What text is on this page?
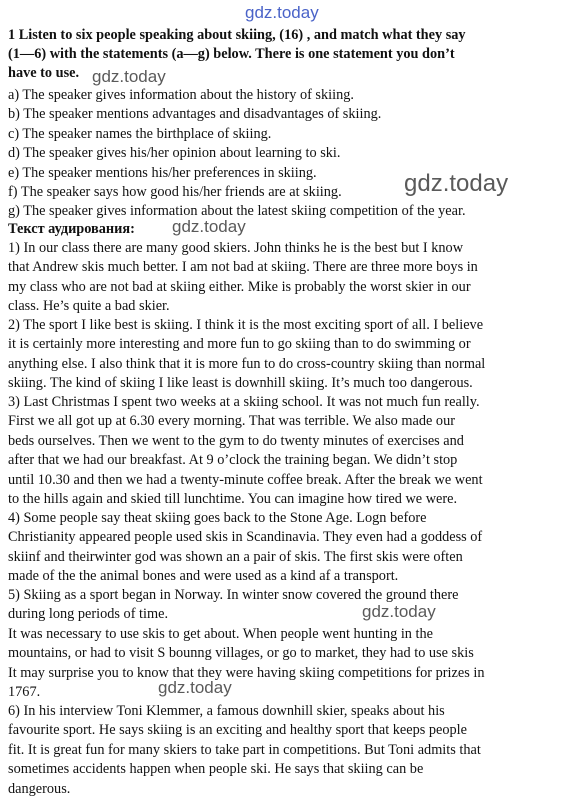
gdz.today
1 Listen to six people speaking about skiing, (16) , and match what they say
(1—6) with the statements (a—g) below. There is one statement you don’t
have to use. gdz.today
a) The speaker gives information about the history of skiing.
b) The speaker mentions advantages and disadvantages of skiing.
c) The speaker names the birthplace of skiing.
d) The speaker gives his/her opinion about learning to ski.
e) The speaker mentions his/her preferences in skiing.
f) The speaker says how good his/her friends are at skiing.
g) The speaker gives information about the latest skiing competition of the year.
gdz.today
Текст аудирования: gdz.today
1) In our class there are many good skiers. John thinks he is the best but I know
that Andrew skis much better. I am not bad at skiing. There are three more boys in
my class who are not bad at skiing either. Mike is probably the worst skier in our
class. He’s quite a bad skier.
2) The sport I like best is skiing. I think it is the most exciting sport of all. I believe
it is certainly more interesting and more fun to go skiing than to do swimming or
anything else. I also think that it is more fun to do cross-country skiing than normal
skiing. The kind of skiing I like least is downhill skiing. It’s much too dangerous.
3) Last Christmas I spent two weeks at a skiing school. It was not much fun really.
First we all got up at 6.30 every morning. That was terrible. We also made our
beds ourselves. Then we went to the gym to do twenty minutes of exercises and
after that we had our breakfast. At 9 o’clock the training began. We didn’t stop
until 10.30 and then we had a twenty-minute coffee break. After the break we went
to the hills again and skied till lunchtime. You can imagine how tired we were.
4) Some people say theat skiing goes back to the Stone Age. Logn before
Christianity appeared people used skis in Scandinavia. They even had a goddess of
skiinf and theirwinter god was shown an a pair of skis. The first skis were often
made of the the animal bones and were used as a kind af a transport.
5) Skiing as a sport began in Norway. In winter snow covered the ground there
during long periods of time.
It was necessary to use skis to get about. When people went hunting in the
mountains, or had to visit S bounng villages, or go to market, they had to use skis
It may surprise you to know that they were having skiing competitions for prizes in
1767.
gdz.today
gdz.today
6) In his interview Toni Klemmer, a famous downhill skier, speaks about his
favourite sport. He says skiing is an exciting and healthy sport that keeps people
fit. It is great fun for many skiers to take part in competitions. But Toni admits that
sometimes accidents happen when people ski. He says that skiing can be
dangerous.
